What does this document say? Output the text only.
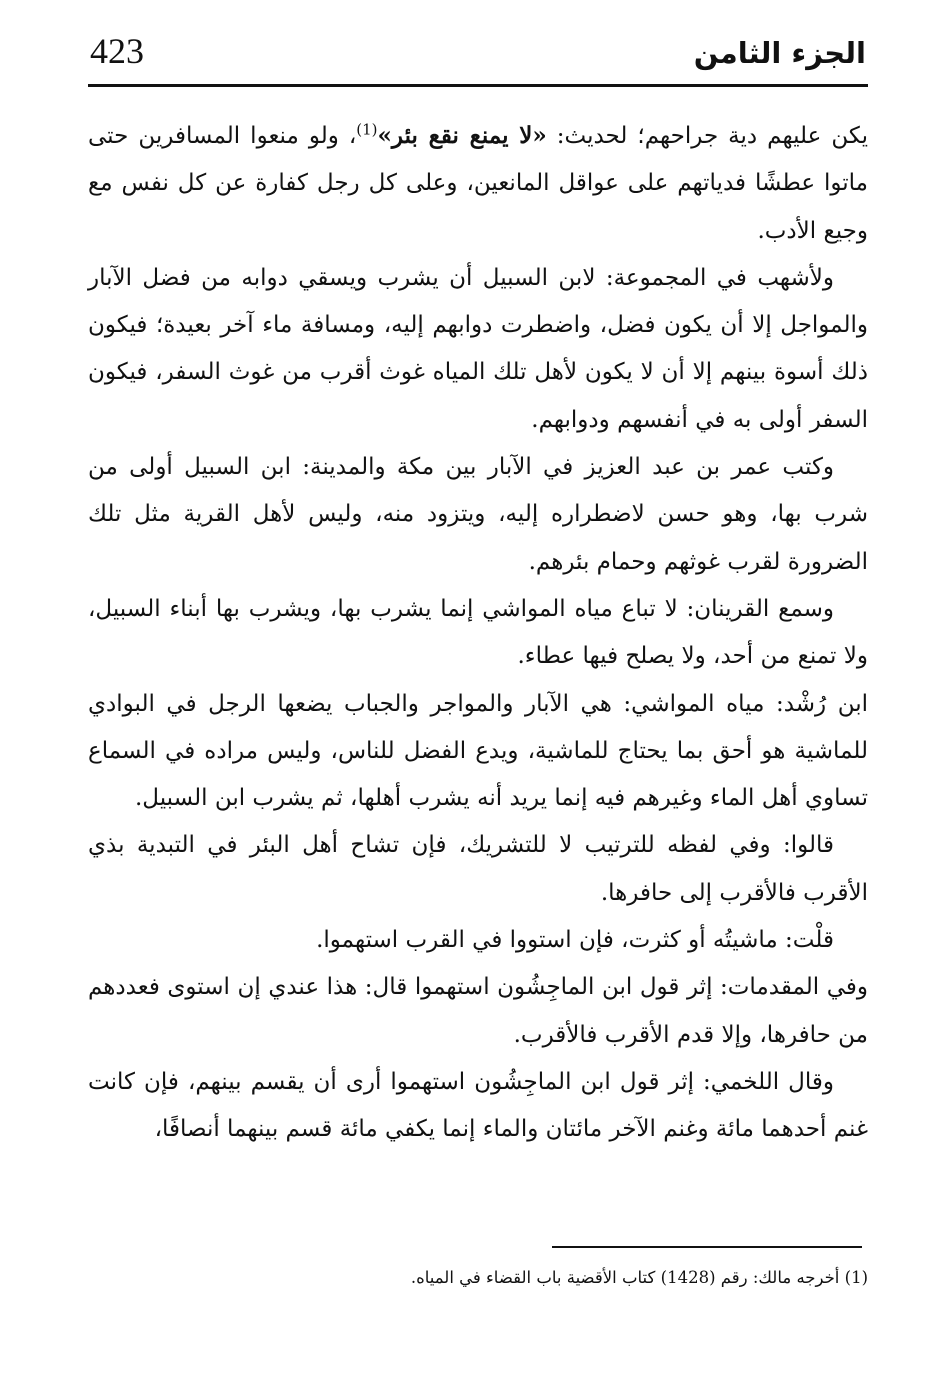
423	الجزء الثامن

يكن عليهم دية جراحهم؛ لحديث: «لا يمنع نقع بئر»$^{(1)}$، ولو منعوا المسافرين حتى ماتوا عطشًا فدياتهم على عواقل المانعين، وعلى كل رجل كفارة عن كل نفس مع وجيع الأدب.

ولأشهب في المجموعة: لابن السبيل أن يشرب ويسقي دوابه من فضل الآبار والمواجل إلا أن يكون فضل، واضطرت دوابهم إليه، ومسافة ماء آخر بعيدة؛ فيكون ذلك أسوة بينهم إلا أن لا يكون لأهل تلك المياه غوث أقرب من غوث السفر، فيكون السفر أولى به في أنفسهم ودوابهم.

وكتب عمر بن عبد العزيز في الآبار بين مكة والمدينة: ابن السبيل أولى من شرب بها، وهو حسن لاضطراره إليه، ويتزود منه، وليس لأهل القرية مثل تلك الضرورة لقرب غوثهم وحمام بئرهم.

وسمع القرينان: لا تباع مياه المواشي إنما يشرب بها، ويشرب بها أبناء السبيل، ولا تمنع من أحد، ولا يصلح فيها عطاء.

ابن رُشْد: مياه المواشي: هي الآبار والمواجر والجباب يضعها الرجل في البوادي للماشية هو أحق بما يحتاج للماشية، ويدع الفضل للناس، وليس مراده في السماع تساوي أهل الماء وغيرهم فيه إنما يريد أنه يشرب أهلها، ثم يشرب ابن السبيل.

قالوا: وفي لفظه للترتيب لا للتشريك، فإن تشاح أهل البئر في التبدية بذي الأقرب فالأقرب إلى حافرها.

قلْت: ماشيتُه أو كثرت، فإن استووا في القرب استهموا.

وفي المقدمات: إثر قول ابن الماجِشُون استهموا قال: هذا عندي إن استوى فعددهم من حافرها، وإلا قدم الأقرب فالأقرب.

وقال اللخمي: إثر قول ابن الماجِشُون استهموا أرى أن يقسم بينهم، فإن كانت غنم أحدهما مائة وغنم الآخر مائتان والماء إنما يكفي مائة قسم بينهما أنصافًا،

(1) أخرجه مالك: رقم (1428) كتاب الأقضية باب القضاء في المياه.
